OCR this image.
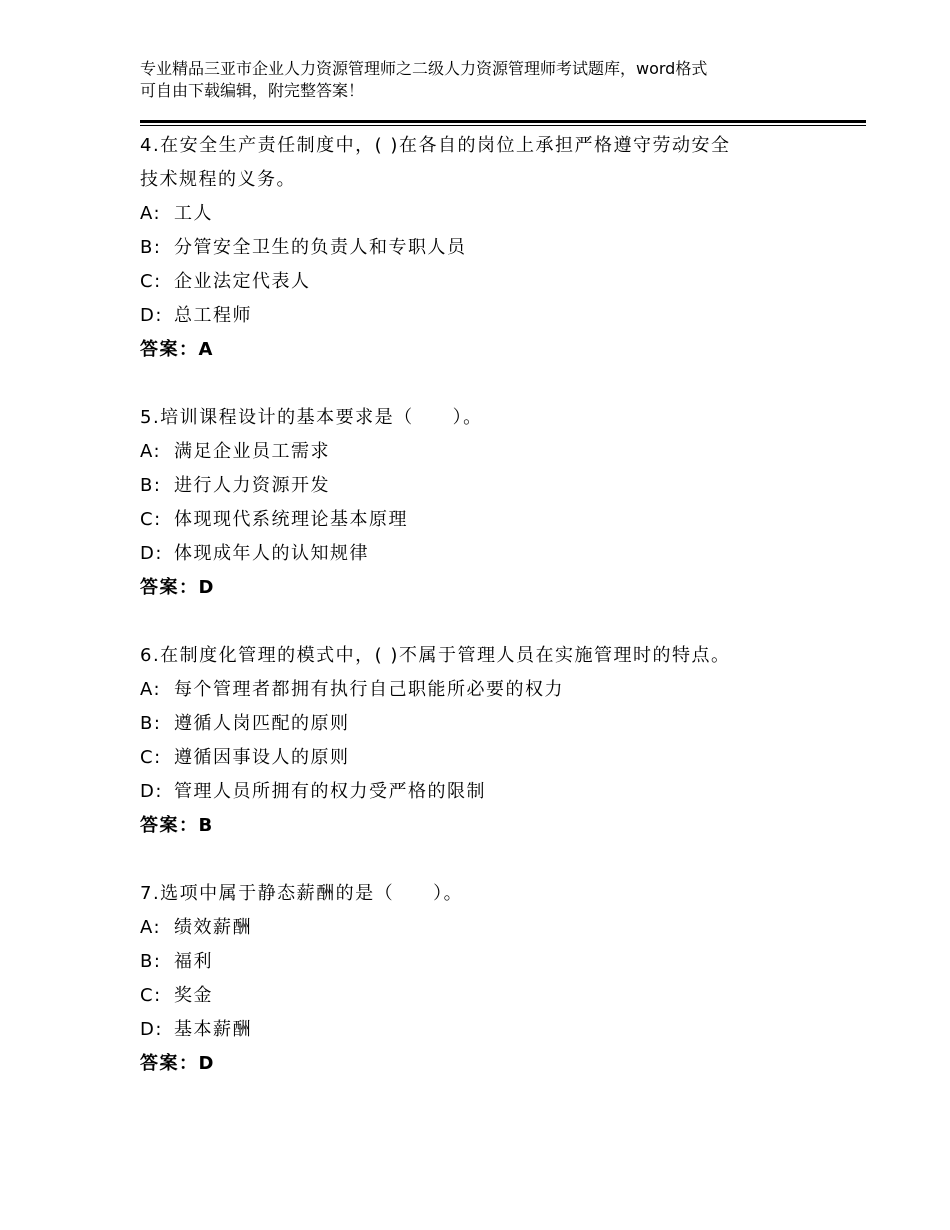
专业精品三亚市企业人力资源管理师之二级人力资源管理师考试题库，word格式
可自由下载编辑，附完整答案！
4.在安全生产责任制度中，( )在各自的岗位上承担严格遵守劳动安全
技术规程的义务。
A: 工人
B: 分管安全卫生的负责人和专职人员
C: 企业法定代表人
D: 总工程师
答案：A
5.培训课程设计的基本要求是（　　）。
A: 满足企业员工需求
B: 进行人力资源开发
C: 体现现代系统理论基本原理
D: 体现成年人的认知规律
答案：D
6.在制度化管理的模式中，( )不属于管理人员在实施管理时的特点。
A: 每个管理者都拥有执行自己职能所必要的权力
B: 遵循人岗匹配的原则
C: 遵循因事设人的原则
D: 管理人员所拥有的权力受严格的限制
答案：B
7.选项中属于静态薪酬的是（　　）。
A: 绩效薪酬
B: 福利
C: 奖金
D: 基本薪酬
答案：D
